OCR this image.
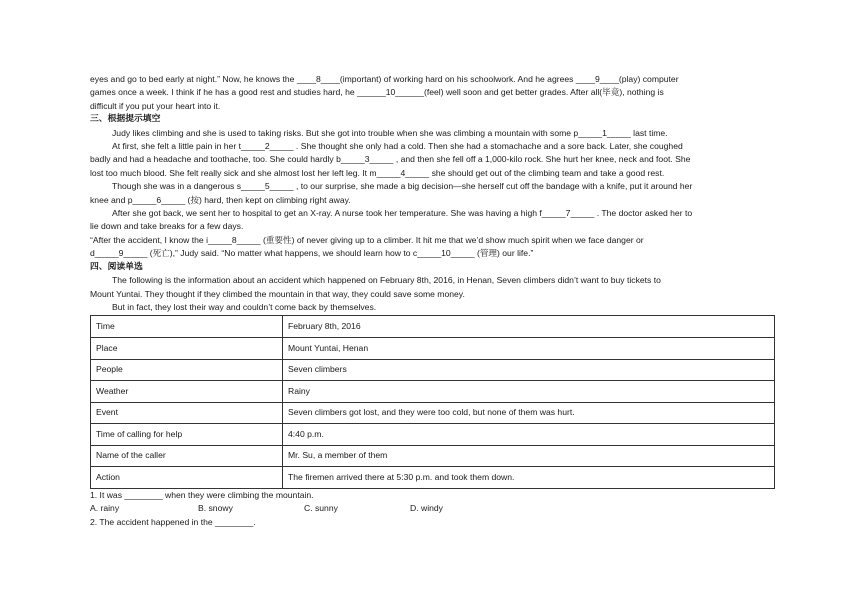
eyes and go to bed early at night.” Now, he knows the ____8____(important) of working hard on his schoolwork. And he agrees ____9____(play) computer
games once a week. I think if he has a good rest and studies hard, he ______10______(feel) well soon and get better grades. After all(毕竟), nothing is
difficult if you put your heart into it.
三、根据提示填空
Judy likes climbing and she is used to taking risks. But she got into trouble when she was climbing a mountain with some p_____1_____ last time.
At first, she felt a little pain in her t_____2_____ . She thought she only had a cold. Then she had a stomachache and a sore back. Later, she coughed
badly and had a headache and toothache, too. She could hardly b_____3_____ , and then she fell off a 1,000-kilo rock. She hurt her knee, neck and foot. She
lost too much blood. She felt really sick and she almost lost her left leg. It m_____4_____ she should get out of the climbing team and take a good rest.
Though she was in a dangerous s_____5_____ , to our surprise, she made a big decision—she herself cut off the bandage with a knife, put it around her
knee and p_____6_____ (按) hard, then kept on climbing right away.
After she got back, we sent her to hospital to get an X-ray. A nurse took her temperature. She was having a high f_____7_____ . The doctor asked her to
lie down and take breaks for a few days.
“After the accident, I know the i_____8_____ (重要性) of never giving up to a climber. It hit me that we’d show much spirit when we face danger or
d_____9_____ (死亡),” Judy said. “No matter what happens, we should learn how to c_____10_____ (管理) our life.”
四、阅读单选
The following is the information about an accident which happened on February 8th, 2016, in Henan, Seven climbers didn’t want to buy tickets to
Mount Yuntai. They thought if they climbed the mountain in that way, they could save some money.
But in fact, they lost their way and couldn’t come back by themselves.
Time	February 8th, 2016
Place	Mount Yuntai, Henan
People	Seven climbers
Weather	Rainy
Event	Seven climbers got lost, and they were too cold, but none of them was hurt.
Time of calling for help	4:40 p.m.
Name of the caller	Mr. Su, a member of them
Action	The firemen arrived there at 5:30 p.m. and took them down.
1. It was ________ when they were climbing the mountain.
A. rainy	B. snowy	C. sunny	D. windy
2. The accident happened in the ________.
